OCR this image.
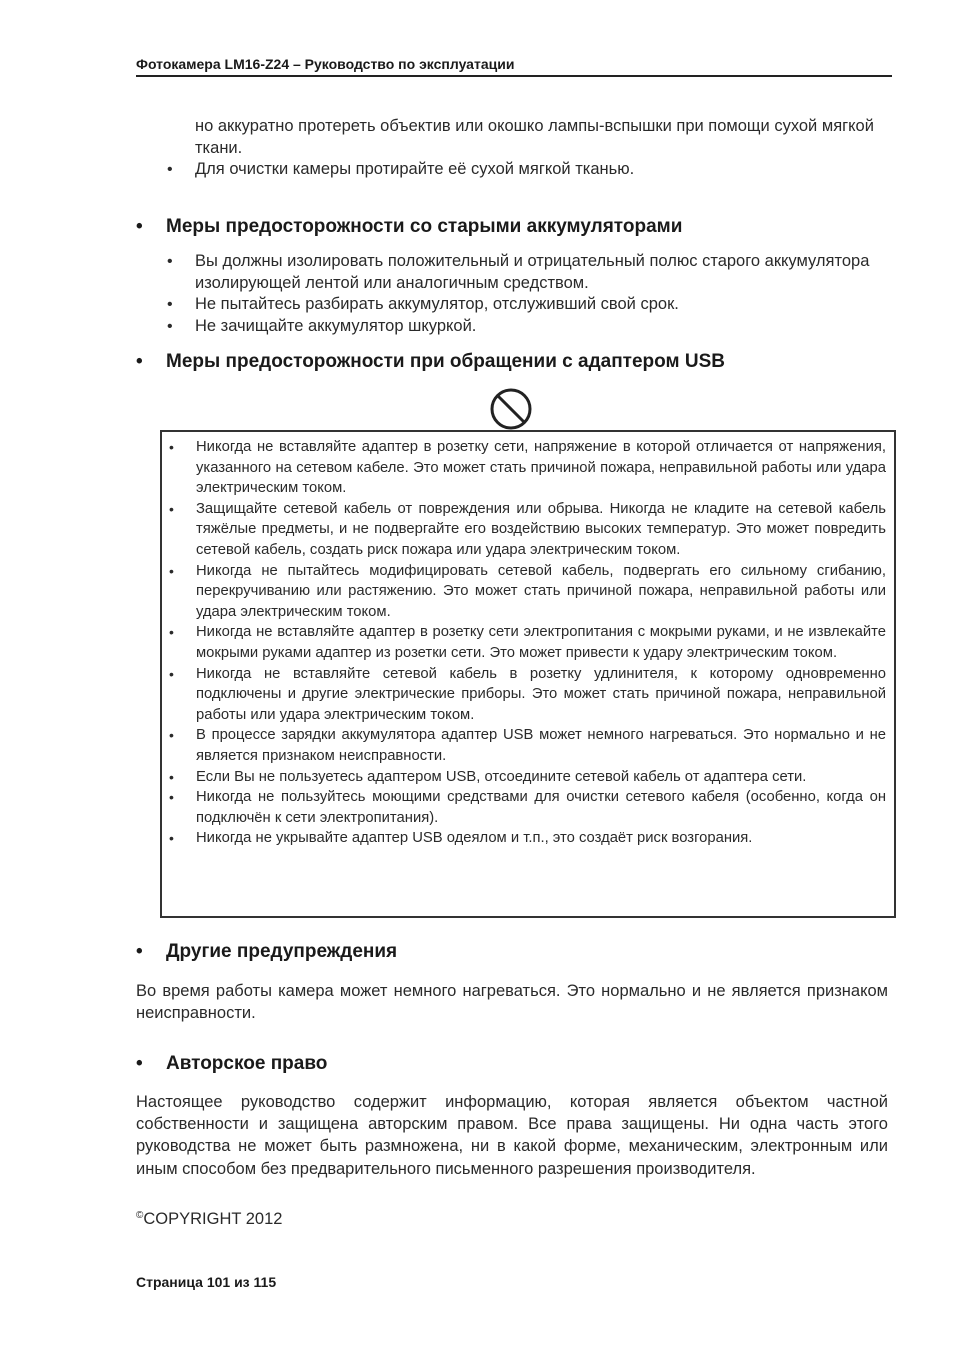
Фотокамера LM16-Z24 – Руководство по эксплуатации

но аккуратно протереть объектив или окошко лампы-вспышки при помощи сухой мягкой ткани.

• Для очистки камеры протирайте её сухой мягкой тканью.
• Меры предосторожности со старыми аккумуляторами
• Вы должны изолировать положительный и отрицательный полюс старого аккумулятора изолирующей лентой или аналогичным средством.
• Не пытайтесь разбирать аккумулятор, отслуживший свой срок.
• Не зачищайте аккумулятор шкуркой.
• Меры предосторожности при обращении с адаптером USB
• Никогда не вставляйте адаптер в розетку сети, напряжение в которой отличается от напряжения, указанного на сетевом кабеле. Это может стать причиной пожара, неправильной работы или удара электрическим током.
• Защищайте сетевой кабель от повреждения или обрыва. Никогда не кладите на сетевой кабель тяжёлые предметы, и не подвергайте его воздействию высоких температур. Это может повредить сетевой кабель, создать риск пожара или удара электрическим током.
• Никогда не пытайтесь модифицировать сетевой кабель, подвергать его сильному сгибанию, перекручиванию или растяжению. Это может стать причиной пожара, неправильной работы или удара электрическим током.
• Никогда не вставляйте адаптер в розетку сети электропитания с мокрыми руками, и не извлекайте мокрыми руками адаптер из розетки сети. Это может привести к удару электрическим током.
• Никогда не вставляйте сетевой кабель в розетку удлинителя, к которому одновременно подключены и другие электрические приборы. Это может стать причиной пожара, неправильной работы или удара электрическим током.
• В процессе зарядки аккумулятора адаптер USB может немного нагреваться. Это нормально и не является признаком неисправности.
• Если Вы не пользуетесь адаптером USB, отсоедините сетевой кабель от адаптера сети.
• Никогда не пользуйтесь моющими средствами для очистки сетевого кабеля (особенно, когда он подключён к сети электропитания).
• Никогда не укрывайте адаптер USB одеялом и т.п., это создаёт риск возгорания.
• Другие предупреждения

Во время работы камера может немного нагреваться. Это нормально и не является признаком неисправности.

• Авторское право

Настоящее руководство содержит информацию, которая является объектом частной собственности и защищена авторским правом. Все права защищены. Ни одна часть этого руководства не может быть размножена, ни в какой форме, механическим, электронным или иным способом без предварительного письменного разрешения производителя.

©COPYRIGHT 2012
Страница 101 из 115
